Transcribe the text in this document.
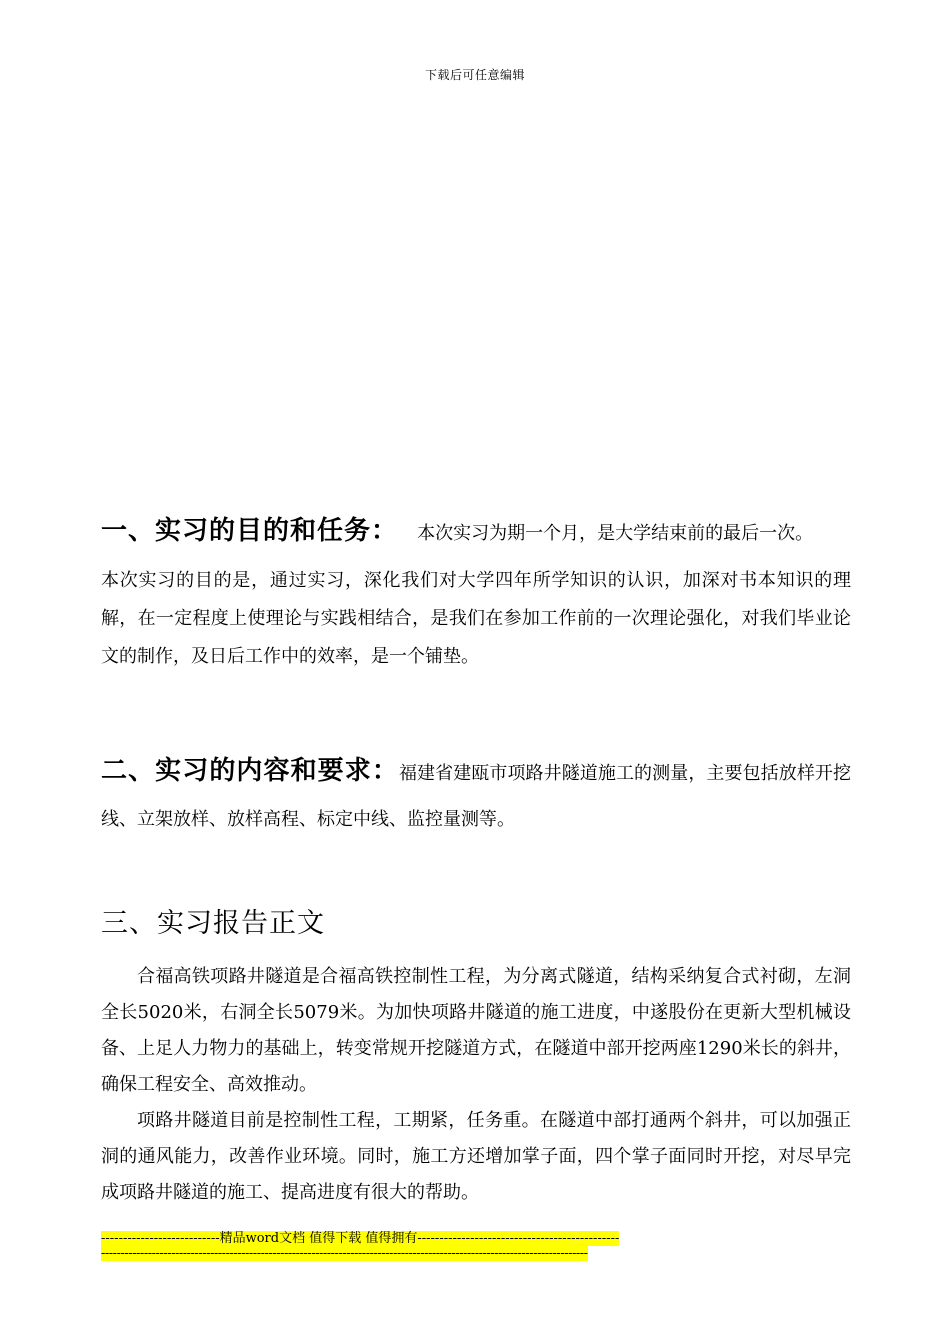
下载后可任意编辑
一、实习的目的和任务： 本次实习为期一个月，是大学结束前的最后一次。

本次实习的目的是，通过实习，深化我们对大学四年所学知识的认识，加深对书本知识的理解，在一定程度上使理论与实践相结合，是我们在参加工作前的一次理论强化，对我们毕业论文的制作，及日后工作中的效率，是一个铺垫。

二、实习的内容和要求：福建省建瓯市项路井隧道施工的测量，主要包括放样开挖线、立架放样、放样高程、标定中线、监控量测等。

三、实习报告正文

合福高铁项路井隧道是合福高铁控制性工程，为分离式隧道，结构采纳复合式衬砌，左洞全长5020米，右洞全长5079米。为加快项路井隧道的施工进度，中遂股份在更新大型机械设备、上足人力物力的基础上，转变常规开挖隧道方式，在隧道中部开挖两座1290米长的斜井，确保工程安全、高效推动。

项路井隧道目前是控制性工程，工期紧，任务重。在隧道中部打通两个斜井，可以加强正洞的通风能力，改善作业环境。同时，施工方还增加掌子面，四个掌子面同时开挖，对尽早完成项路井隧道的施工、提高进度有很大的帮助。

---------------------------精品word文档 值得下载 值得拥有----------------------------------------------
-----------------------------------------------------------------------------------------------------------------------------
